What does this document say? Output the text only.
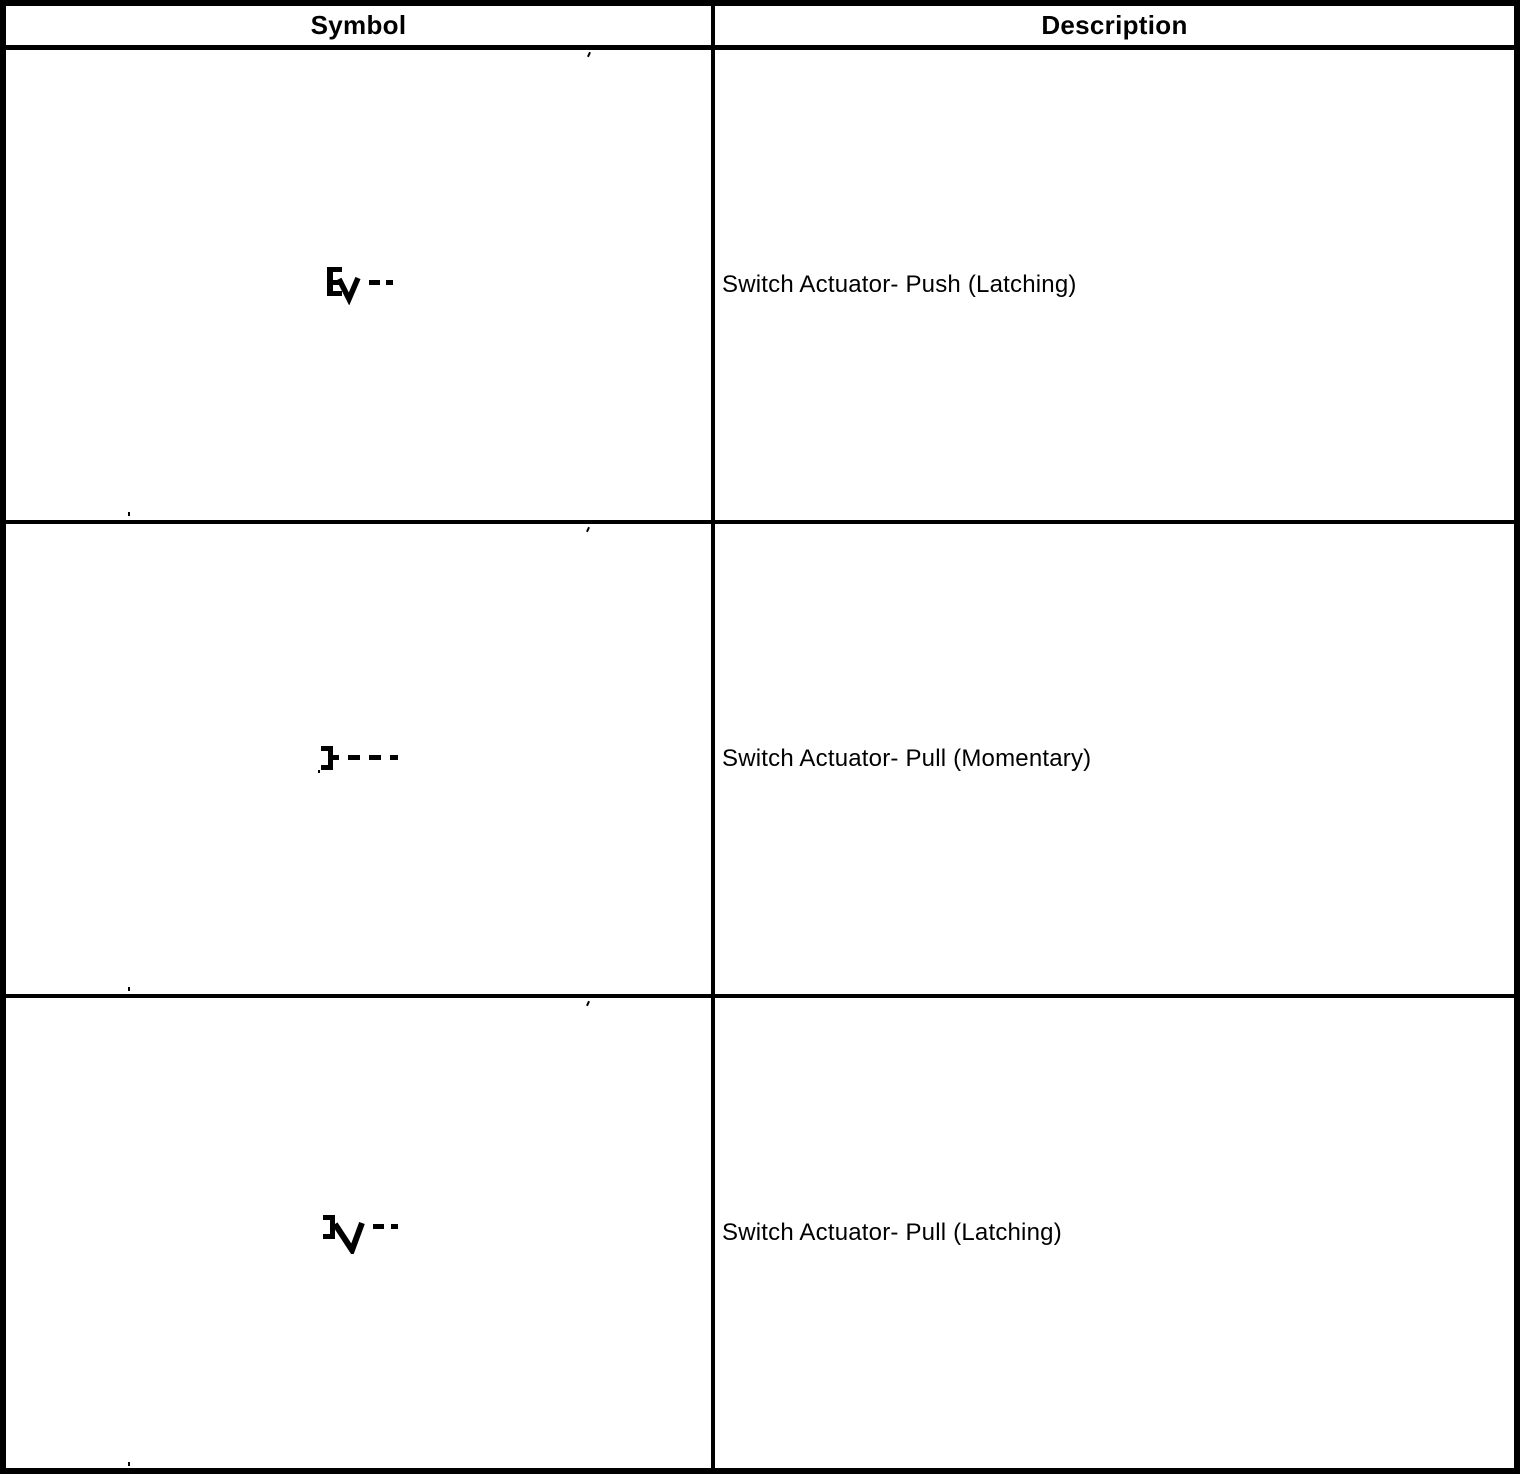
Symbol	Description
Switch Actuator- Push (Latching)
Switch Actuator- Pull (Momentary)
Switch Actuator- Pull (Latching)
